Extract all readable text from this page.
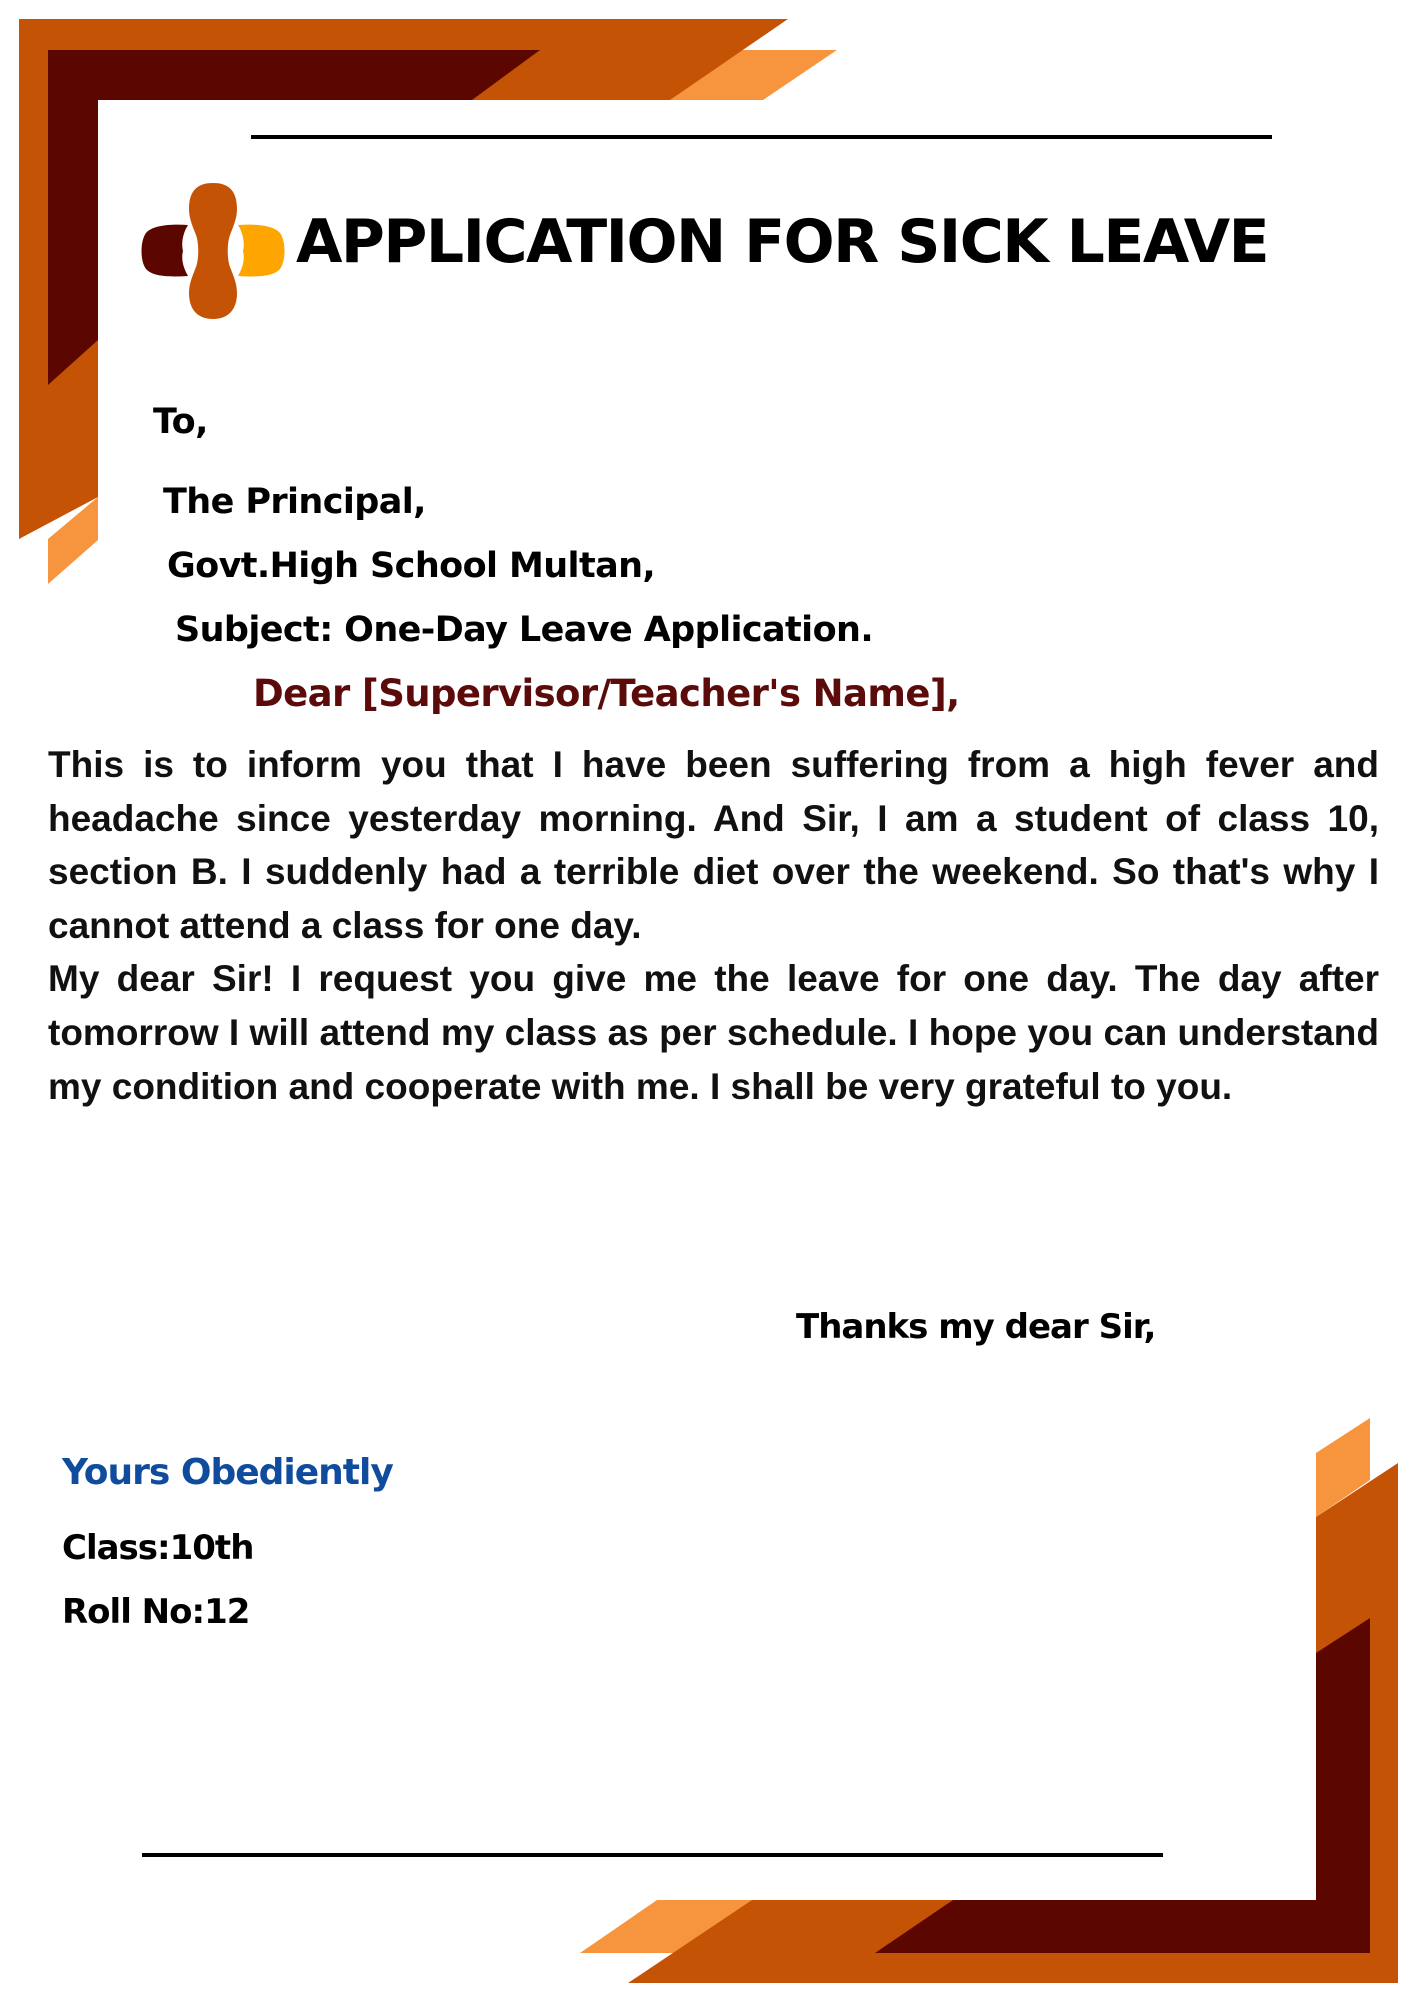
APPLICATION FOR SICK LEAVE
To,
The Principal,
Govt.High School Multan,
Subject: One-Day Leave Application.
Dear [Supervisor/Teacher's Name],

This is to inform you that I have been suffering from a high fever and headache since yesterday morning. And Sir, I am a student of class 10, section B. I suddenly had a terrible diet over the weekend. So that's why I cannot attend a class for one day.

My dear Sir! I request you give me the leave for one day. The day after tomorrow I will attend my class as per schedule. I hope you can understand my condition and cooperate with me. I shall be very grateful to you.

Thanks my dear Sir,
Yours Obediently
Class:10th
Roll No:12
